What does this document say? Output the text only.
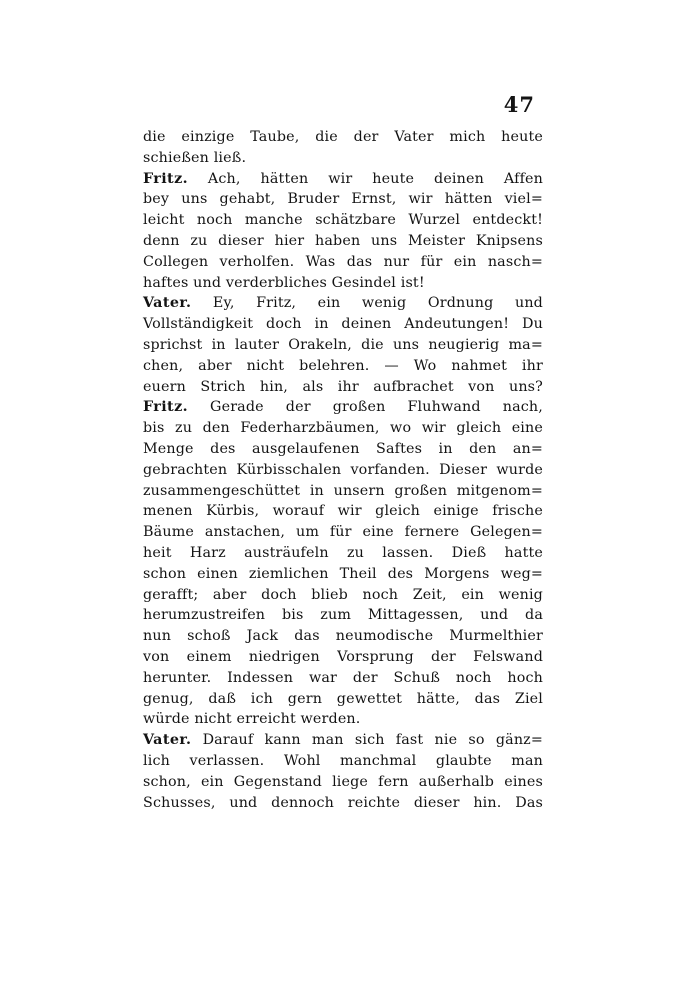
47
die einzige Taube, die der Vater mich heute
schießen ließ.
Fritz. Ach, hätten wir heute deinen Affen
bey uns gehabt, Bruder Ernst, wir hätten viel=
leicht noch manche schätzbare Wurzel entdeckt!
denn zu dieser hier haben uns Meister Knipsens
Collegen verholfen. Was das nur für ein nasch=
haftes und verderbliches Gesindel ist!
Vater. Ey, Fritz, ein wenig Ordnung und
Vollständigkeit doch in deinen Andeutungen! Du
sprichst in lauter Orakeln, die uns neugierig ma=
chen, aber nicht belehren. — Wo nahmet ihr
euern Strich hin, als ihr aufbrachet von uns?
Fritz. Gerade der großen Fluhwand nach,
bis zu den Federharzbäumen, wo wir gleich eine
Menge des ausgelaufenen Saftes in den an=
gebrachten Kürbisschalen vorfanden. Dieser wurde
zusammengeschüttet in unsern großen mitgenom=
menen Kürbis, worauf wir gleich einige frische
Bäume anstachen, um für eine fernere Gelegen=
heit Harz austräufeln zu lassen. Dieß hatte
schon einen ziemlichen Theil des Morgens weg=
gerafft; aber doch blieb noch Zeit, ein wenig
herumzustreifen bis zum Mittagessen, und da
nun schoß Jack das neumodische Murmelthier
von einem niedrigen Vorsprung der Felswand
herunter. Indessen war der Schuß noch hoch
genug, daß ich gern gewettet hätte, das Ziel
würde nicht erreicht werden.
Vater. Darauf kann man sich fast nie so gänz=
lich verlassen. Wohl manchmal glaubte man
schon, ein Gegenstand liege fern außerhalb eines
Schusses, und dennoch reichte dieser hin. Das
